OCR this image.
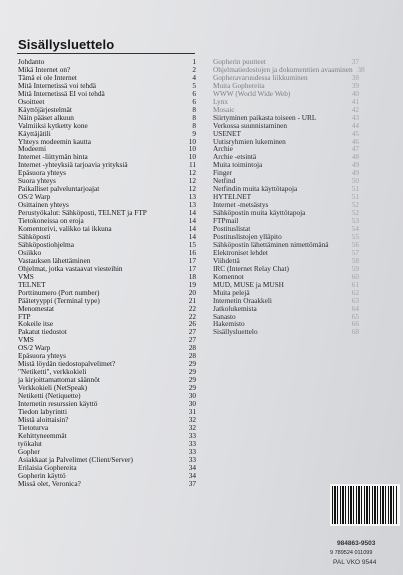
Sisällysluettelo
Johdanto	1
Mikä Internet on?	2
Tämä ei ole Internet	4
Mitä Internetissä voi tehdä	5
Mitä Internetissä EI voi tehdä	6
Osoitteet	6
Käyttöjärjestelmät	8
Näin pääset alkuun	8
Valmiiksi kytketty kone	8
Käyttäjätili	9
Yhteys modeemin kautta	10
Modeemi	10
Internet -liittymän hinta	10
Internet -yhteyksiä tarjoavia yrityksiä	11
Epäsuora yhteys	12
Suora yhteys	12
Paikalliset palveluntarjoajat	12
OS/2 Warp	13
Osittainen yhteys	13
Perustyökalut: Sähköposti, TELNET ja FTP	14
Tietokoneissa on eroja	14
Komentorivi, valikko tai ikkuna	14
Sähköposti	14
Sähköpostiohjelma	15
Osiikko	16
Vastauksen lähettäminen	17
Ohjelmat, jotka vastaavat viesteihin	17
VMS	18
TELNET	19
Porttinumero (Port number)	20
Päätetyyppi (Terminal type)	21
Menomestat	22
FTP	22
Kokeile itse	26
Pakatut tiedostot	27
VMS	27
OS/2 Warp	28
Epäsuora yhteys	28
Mistä löydän tiedostopalvelimet?	29
"Netiketti", verkkokieli	29
ja kirjoittamattomat säännöt	29
Verkkokieli (NetSpeak)	29
Netiketti (Netiquette)	30
Internetin resurssien käyttö	30
Tiedon labyrintti	31
Mistä aloittaisin?	32
Tietoturva	32
Kehittyneemmät	33
työkalut	33
Gopher	33
Asiakkaat ja Palvelimet (Client/Server)	33
Erilaisia Gophereita	34
Gopherin käyttö	34
Missä olet, Veronica?	37
Gopherin puutteet	37
Ohjelmatiedostojen ja dokumenttien avaaminen 38
Gopheravaruudessa liikkuminen	38
Muita Gophereita	39
WWW (World Wide Web)	40
Lynx	41
Mosaic	42
Siirtyminen paikasta toiseen - URL	43
Verkossa suunnistaminen	44
USENET	45
Uutisryhmien lukeminen	46
Archie	47
Archie -etsintä	48
Muita toimintoja	49
Finger	49
Netfind	50
Netfindin muita käyttötapoja	51
HYTELNET	51
Internet -metsästys	52
Sähköpostin muita käyttötapoja	52
FTPmail	53
Postituslistat	54
Postituslistojen ylläpito	55
Sähköpostin lähettäminen nimettömänä	56
Elektroniset lehdet	57
Viihdettä	58
IRC (Internet Relay Chat)	59
Komennot	60
MUD, MUSE ja MUSH	61
Muita pelejä	62
Internetin Oraakkeli	63
Jatkolukemista	64
Sanasto	65
Hakemisto	66
Sisällysluettelo	68
984863-9503
9 789524 011099
PAL VKO 9544
